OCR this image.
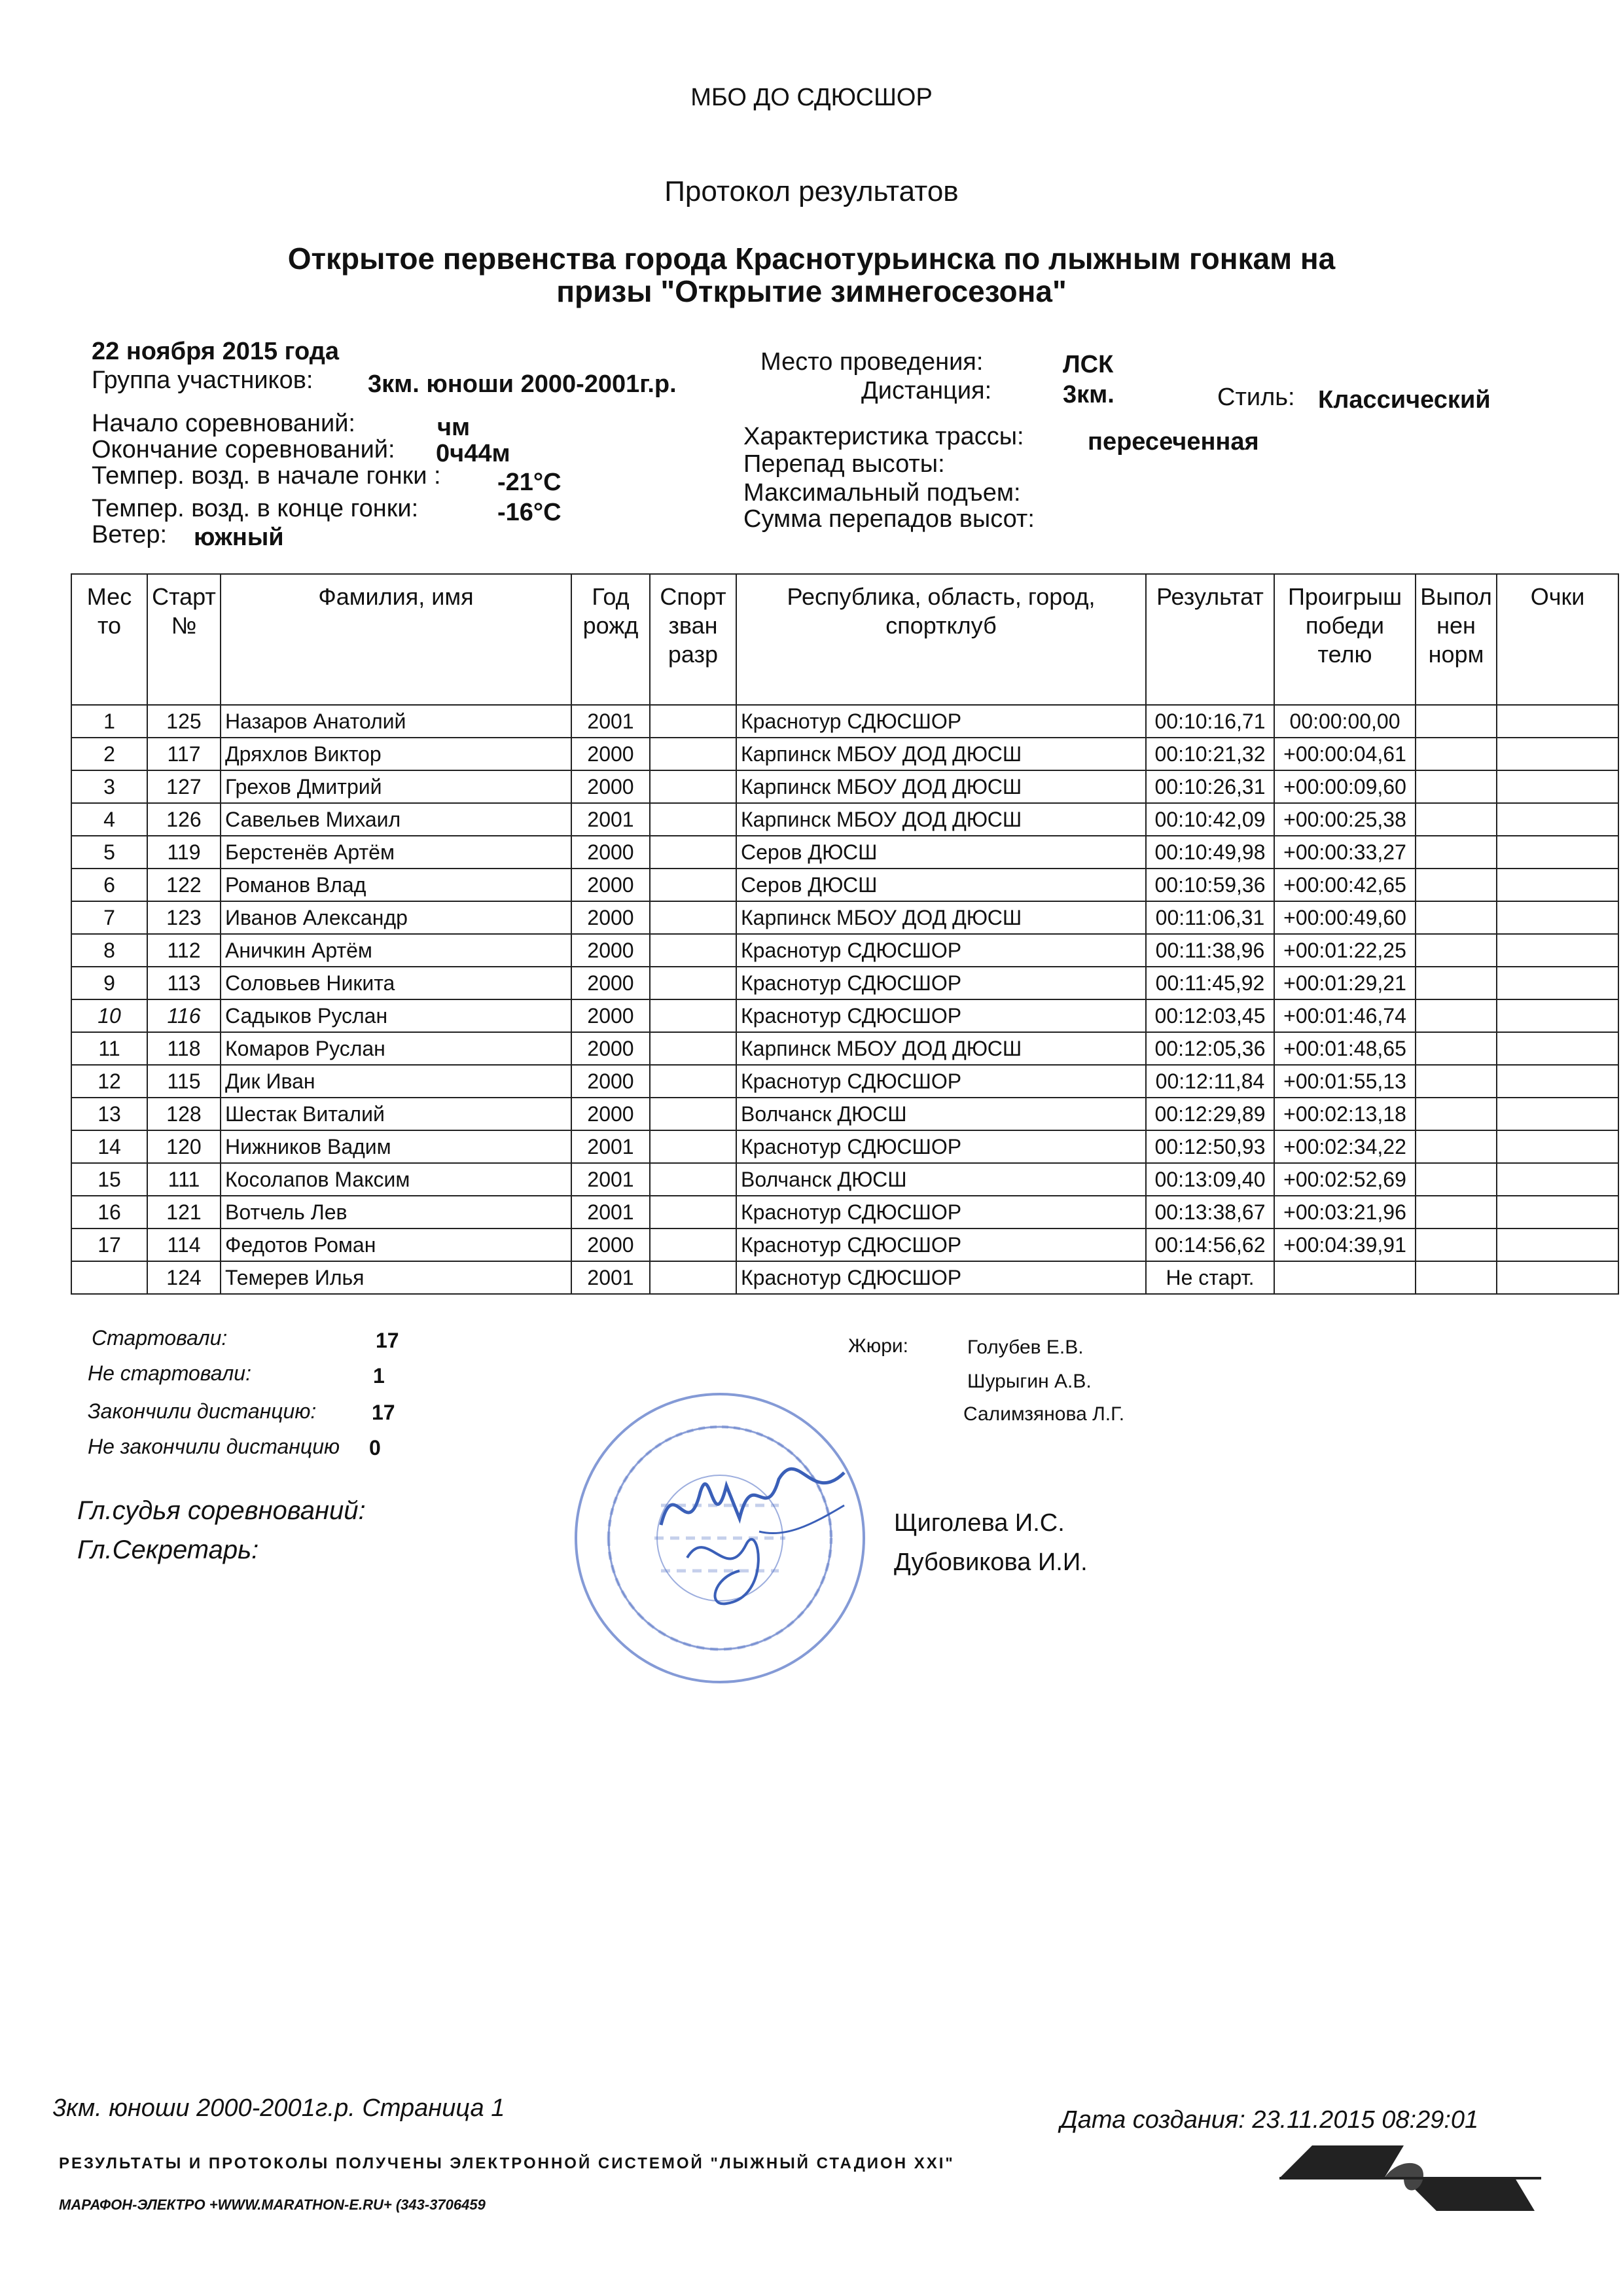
МБО ДО СДЮСШОР
Протокол результатов
Открытое первенства города Краснотурьинска по лыжным гонкам на
призы "Открытие зимнегосезона"
22 ноября 2015 года
Группа участников: 3км. юноши 2000-2001г.р.
Начало соревнований:	чм
Окончание соревнований: 0ч44м
Темпер. возд. в начале гонки : -21°C
Темпер. возд. в конце гонки:	-16°C
Ветер: южный
Место проведения:	ЛСК
Дистанция:	3км.	Стиль: Классический
Характеристика трассы:	пересеченная
Перепад высоты:
Максимальный подъем:
Сумма перепадов высот:
Мес то	Старт №	Фамилия, имя	Год рожд	Спорт зван разр	Республика, область, город, спортклуб	Результат	Проигрыш победи телю	Выпол нен норм	Очки
1	125	Назаров Анатолий	2001		Краснотур СДЮСШОР	00:10:16,71	00:00:00,00		
2	117	Дряхлов Виктор	2000		Карпинск МБОУ ДОД ДЮСШ	00:10:21,32	+00:00:04,61		
3	127	Грехов Дмитрий	2000		Карпинск МБОУ ДОД ДЮСШ	00:10:26,31	+00:00:09,60		
4	126	Савельев Михаил	2001		Карпинск МБОУ ДОД ДЮСШ	00:10:42,09	+00:00:25,38		
5	119	Берстенёв Артём	2000		Серов ДЮСШ	00:10:49,98	+00:00:33,27		
6	122	Романов Влад	2000		Серов ДЮСШ	00:10:59,36	+00:00:42,65		
7	123	Иванов Александр	2000		Карпинск МБОУ ДОД ДЮСШ	00:11:06,31	+00:00:49,60		
8	112	Аничкин Артём	2000		Краснотур СДЮСШОР	00:11:38,96	+00:01:22,25		
9	113	Соловьев Никита	2000		Краснотур СДЮСШОР	00:11:45,92	+00:01:29,21		
10	116	Садыков Руслан	2000		Краснотур СДЮСШОР	00:12:03,45	+00:01:46,74		
11	118	Комаров Руслан	2000		Карпинск МБОУ ДОД ДЮСШ	00:12:05,36	+00:01:48,65		
12	115	Дик Иван	2000		Краснотур СДЮСШОР	00:12:11,84	+00:01:55,13		
13	128	Шестак Виталий	2000		Волчанск ДЮСШ	00:12:29,89	+00:02:13,18		
14	120	Нижников Вадим	2001		Краснотур СДЮСШОР	00:12:50,93	+00:02:34,22		
15	111	Косолапов Максим	2001		Волчанск ДЮСШ	00:13:09,40	+00:02:52,69		
16	121	Вотчель Лев	2001		Краснотур СДЮСШОР	00:13:38,67	+00:03:21,96		
17	114	Федотов Роман	2000		Краснотур СДЮСШОР	00:14:56,62	+00:04:39,91		
	124	Темерев Илья	2001		Краснотур СДЮСШОР	Не старт.			
Стартовали:	17
Не стартовали:	1
Закончили дистанцию:	17
Не закончили дистанцию 0
Жюри:	Голубев Е.В.
Шурыгин А.В.
Салимзянова Л.Г.
Гл.судья соревнований:
Гл.Секретарь:
Щиголева И.С.
Дубовикова И.И.
3км. юноши 2000-2001г.р. Страница 1	Дата создания: 23.11.2015 08:29:01
РЕЗУЛЬТАТЫ И ПРОТОКОЛЫ ПОЛУЧЕНЫ ЭЛЕКТРОННОЙ СИСТЕМОЙ "ЛЫЖНЫЙ СТАДИОН XXI"
МАРАФОН-ЭЛЕКТРО +WWW.MARATHON-E.RU+ (343-3706459
